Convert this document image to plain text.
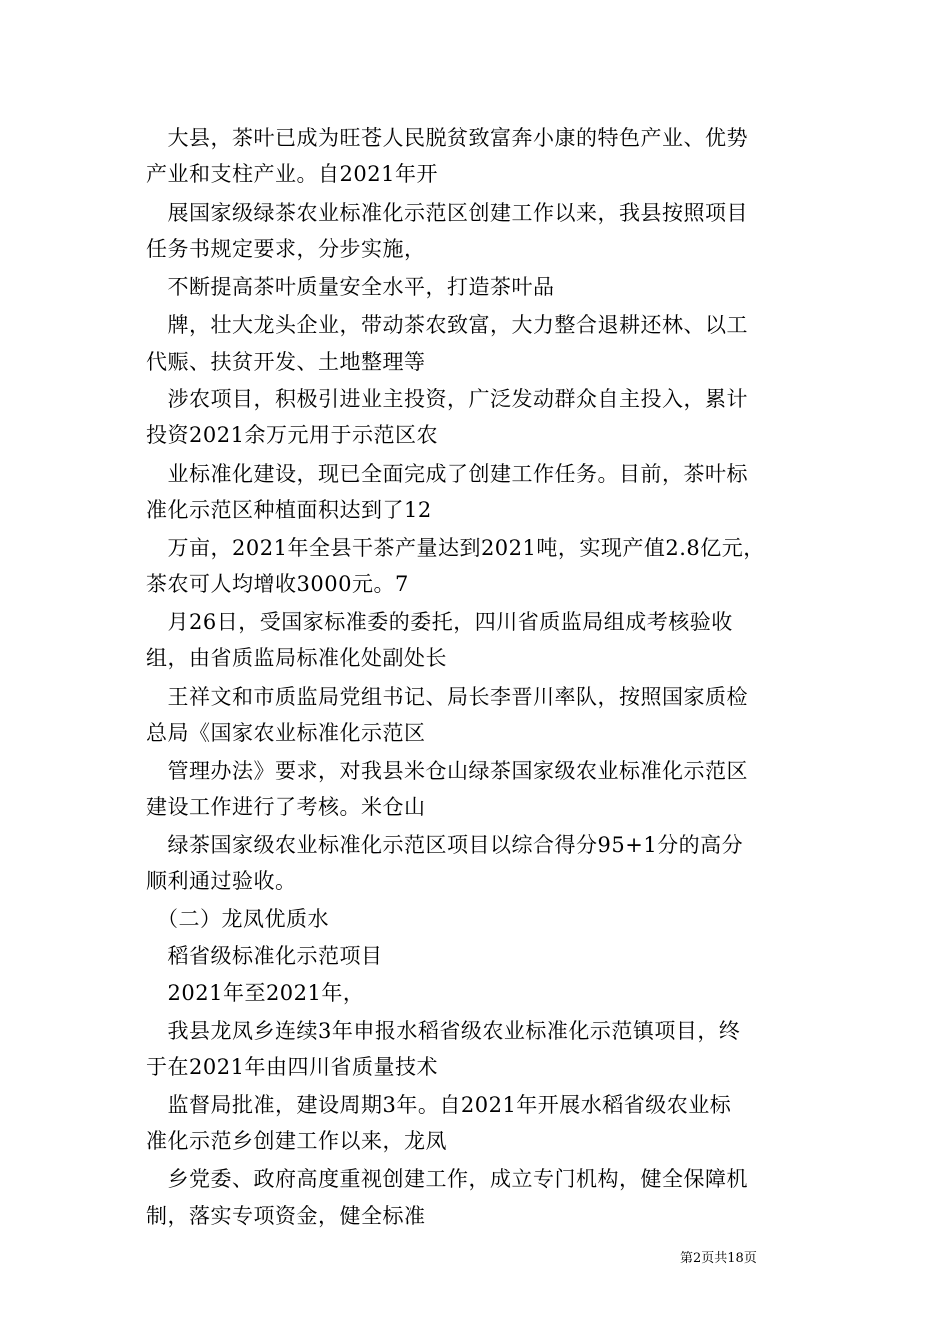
　大县，茶叶已成为旺苍人民脱贫致富奔小康的特色产业、优势
产业和支柱产业。自2021年开
　展国家级绿茶农业标准化示范区创建工作以来，我县按照项目
任务书规定要求，分步实施，
　不断提高茶叶质量安全水平，打造茶叶品
　牌，壮大龙头企业，带动茶农致富，大力整合退耕还林、以工
代赈、扶贫开发、土地整理等
　涉农项目，积极引进业主投资，广泛发动群众自主投入，累计
投资2021余万元用于示范区农
　业标准化建设，现已全面完成了创建工作任务。目前，茶叶标
准化示范区种植面积达到了12
　万亩，2021年全县干茶产量达到2021吨，实现产值2.8亿元，
茶农可人均增收3000元。7
　月26日，受国家标准委的委托，四川省质监局组成考核验收
组，由省质监局标准化处副处长
　王祥文和市质监局党组书记、局长李晋川率队，按照国家质检
总局《国家农业标准化示范区
　管理办法》要求，对我县米仓山绿茶国家级农业标准化示范区
建设工作进行了考核。米仓山
　绿茶国家级农业标准化示范区项目以综合得分95+1分的高分
顺利通过验收。
　（二）龙凤优质水
　稻省级标准化示范项目
　2021年至2021年，
　我县龙凤乡连续3年申报水稻省级农业标准化示范镇项目，终
于在2021年由四川省质量技术
　监督局批准，建设周期3年。自2021年开展水稻省级农业标
准化示范乡创建工作以来，龙凤
　乡党委、政府高度重视创建工作，成立专门机构，健全保障机
制，落实专项资金，健全标准
第2页共18页
